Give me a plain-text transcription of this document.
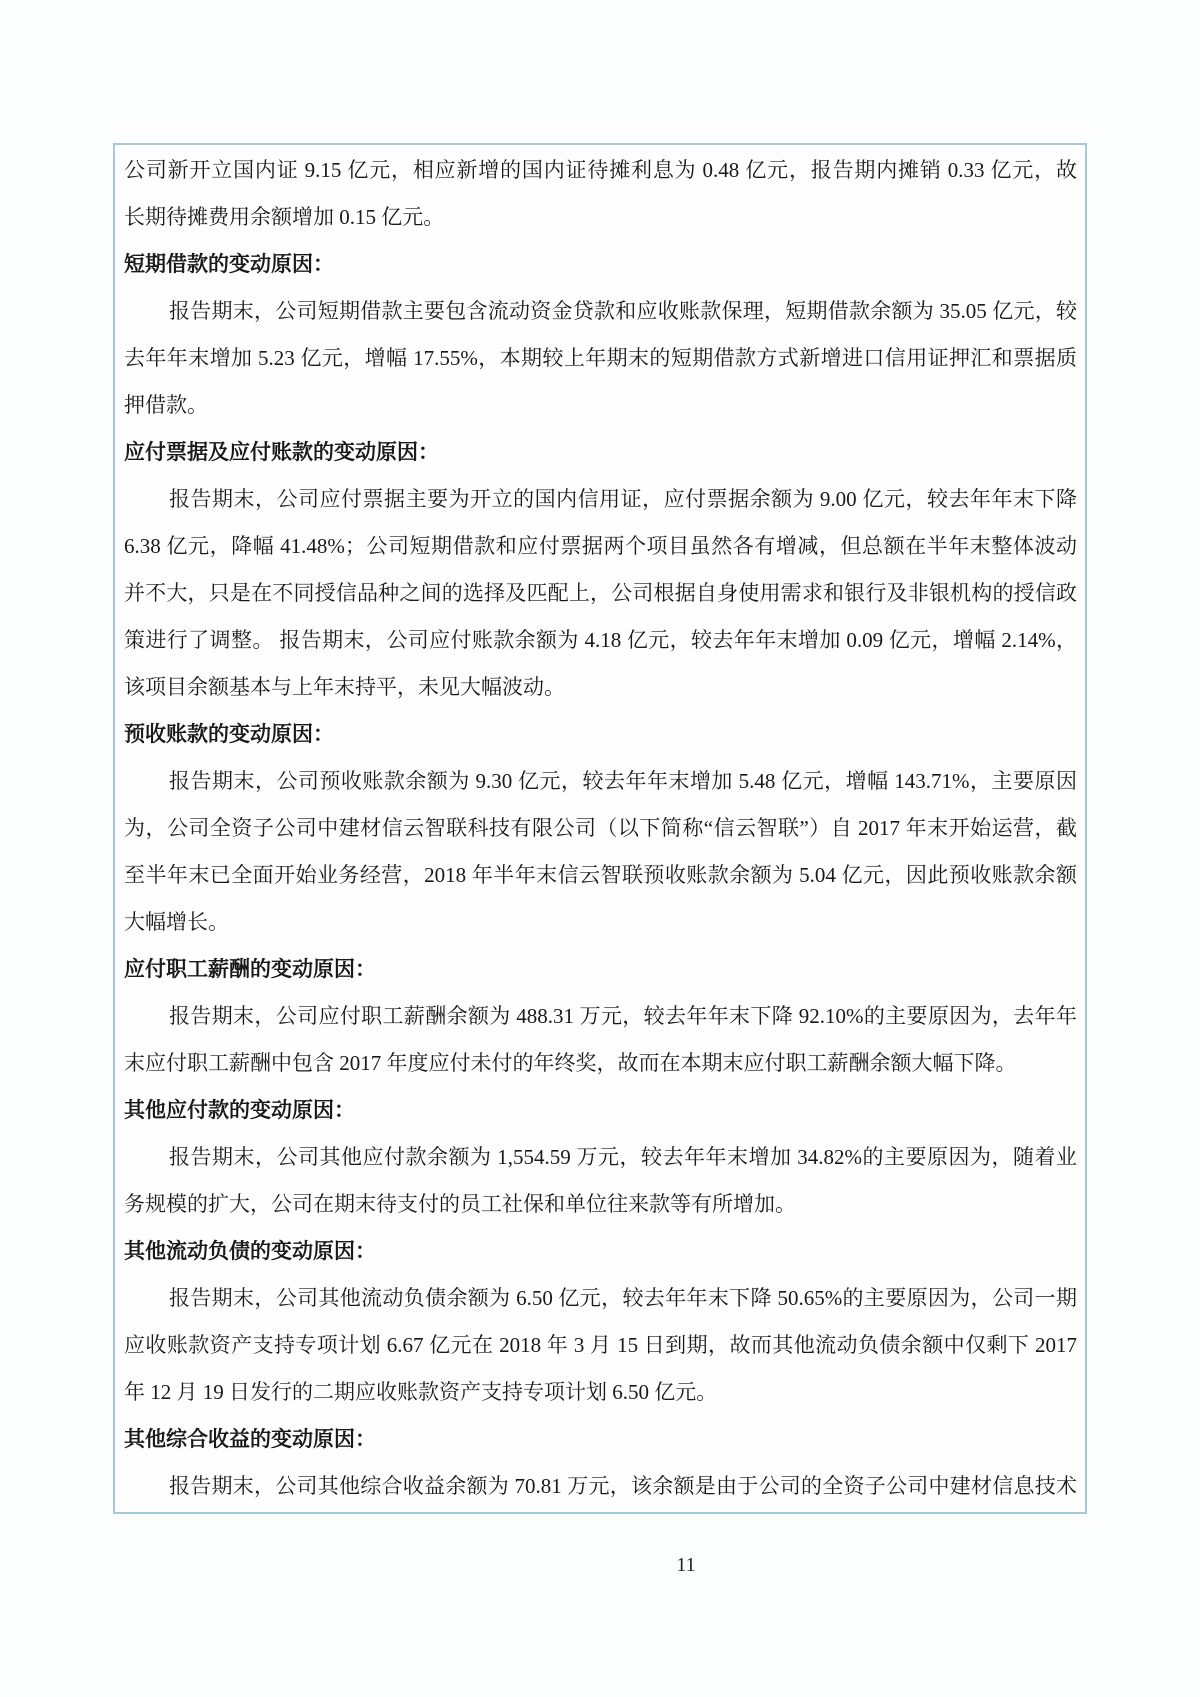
公司新开立国内证 9.15 亿元，相应新增的国内证待摊利息为 0.48 亿元，报告期内摊销 0.33 亿元，故
长期待摊费用余额增加 0.15 亿元。
短期借款的变动原因：
报告期末，公司短期借款主要包含流动资金贷款和应收账款保理，短期借款余额为 35.05 亿元，较
去年年末增加 5.23 亿元，增幅 17.55%，本期较上年期末的短期借款方式新增进口信用证押汇和票据质
押借款。
应付票据及应付账款的变动原因：
报告期末，公司应付票据主要为开立的国内信用证，应付票据余额为 9.00 亿元，较去年年末下降
6.38 亿元，降幅 41.48%；公司短期借款和应付票据两个项目虽然各有增减，但总额在半年末整体波动
并不大，只是在不同授信品种之间的选择及匹配上，公司根据自身使用需求和银行及非银机构的授信政
策进行了调整。 报告期末，公司应付账款余额为 4.18 亿元，较去年年末增加 0.09 亿元，增幅 2.14%，
该项目余额基本与上年末持平，未见大幅波动。
预收账款的变动原因：
报告期末，公司预收账款余额为 9.30 亿元，较去年年末增加 5.48 亿元，增幅 143.71%，主要原因
为，公司全资子公司中建材信云智联科技有限公司（以下简称“信云智联”）自 2017 年末开始运营，截
至半年末已全面开始业务经营，2018 年半年末信云智联预收账款余额为 5.04 亿元，因此预收账款余额
大幅增长。
应付职工薪酬的变动原因：
报告期末，公司应付职工薪酬余额为 488.31 万元，较去年年末下降 92.10%的主要原因为，去年年
末应付职工薪酬中包含 2017 年度应付未付的年终奖，故而在本期末应付职工薪酬余额大幅下降。
其他应付款的变动原因：
报告期末，公司其他应付款余额为 1,554.59 万元，较去年年末增加 34.82%的主要原因为，随着业
务规模的扩大，公司在期末待支付的员工社保和单位往来款等有所增加。
其他流动负债的变动原因：
报告期末，公司其他流动负债余额为 6.50 亿元，较去年年末下降 50.65%的主要原因为，公司一期
应收账款资产支持专项计划 6.67 亿元在 2018 年 3 月 15 日到期，故而其他流动负债余额中仅剩下 2017
年 12 月 19 日发行的二期应收账款资产支持专项计划 6.50 亿元。
其他综合收益的变动原因：
报告期末，公司其他综合收益余额为 70.81 万元，该余额是由于公司的全资子公司中建材信息技术
11
